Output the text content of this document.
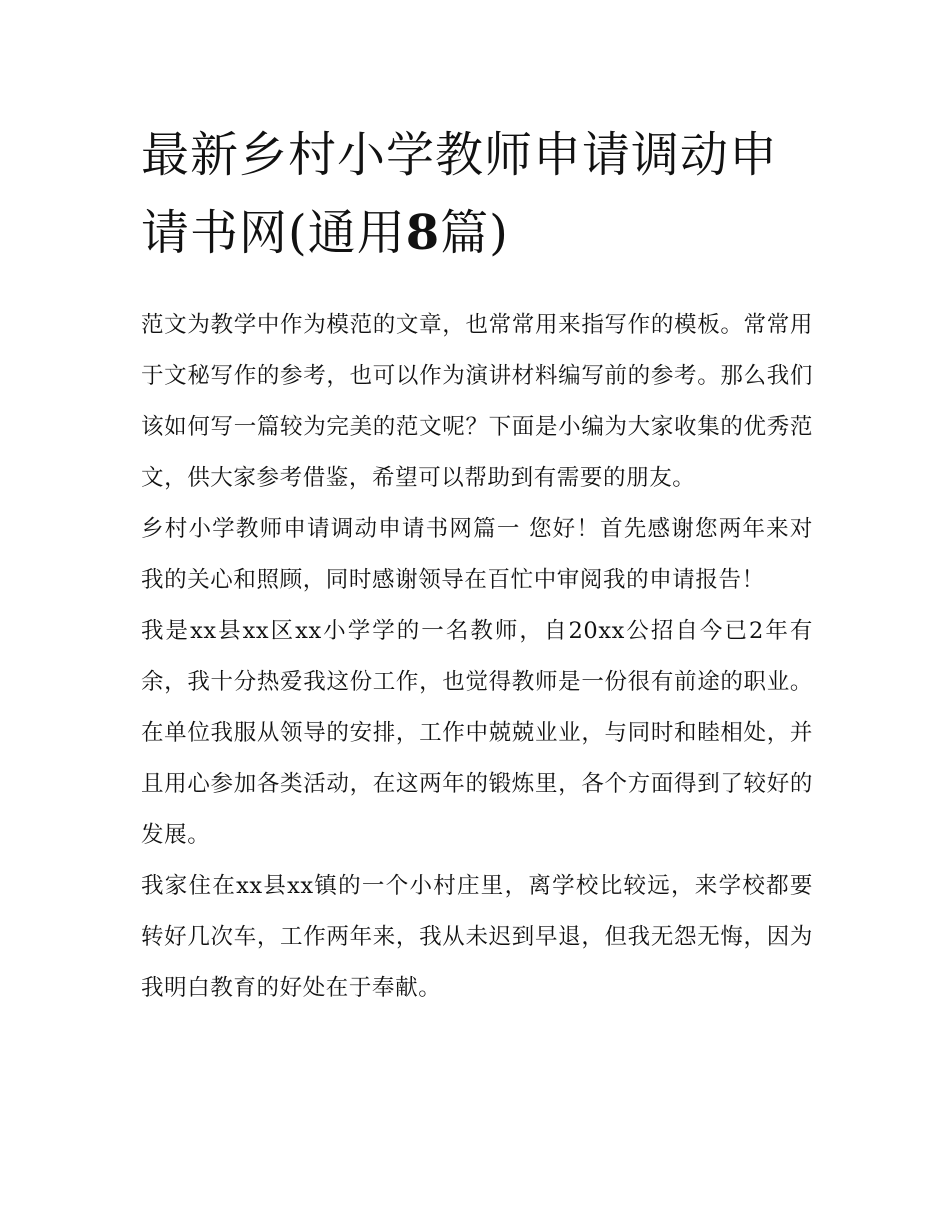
最新乡村小学教师申请调动申请书网(通用8篇)

范文为教学中作为模范的文章，也常常用来指写作的模板。常常用于文秘写作的参考，也可以作为演讲材料编写前的参考。那么我们该如何写一篇较为完美的范文呢？下面是小编为大家收集的优秀范文，供大家参考借鉴，希望可以帮助到有需要的朋友。

乡村小学教师申请调动申请书网篇一 您好！首先感谢您两年来对我的关心和照顾，同时感谢领导在百忙中审阅我的申请报告！

我是xx县xx区xx小学学的一名教师，自20xx公招自今已2年有余，我十分热爱我这份工作，也觉得教师是一份很有前途的职业。在单位我服从领导的安排，工作中兢兢业业，与同时和睦相处，并且用心参加各类活动，在这两年的锻炼里，各个方面得到了较好的发展。

我家住在xx县xx镇的一个小村庄里，离学校比较远，来学校都要转好几次车，工作两年来，我从未迟到早退，但我无怨无悔，因为我明白教育的好处在于奉献。
